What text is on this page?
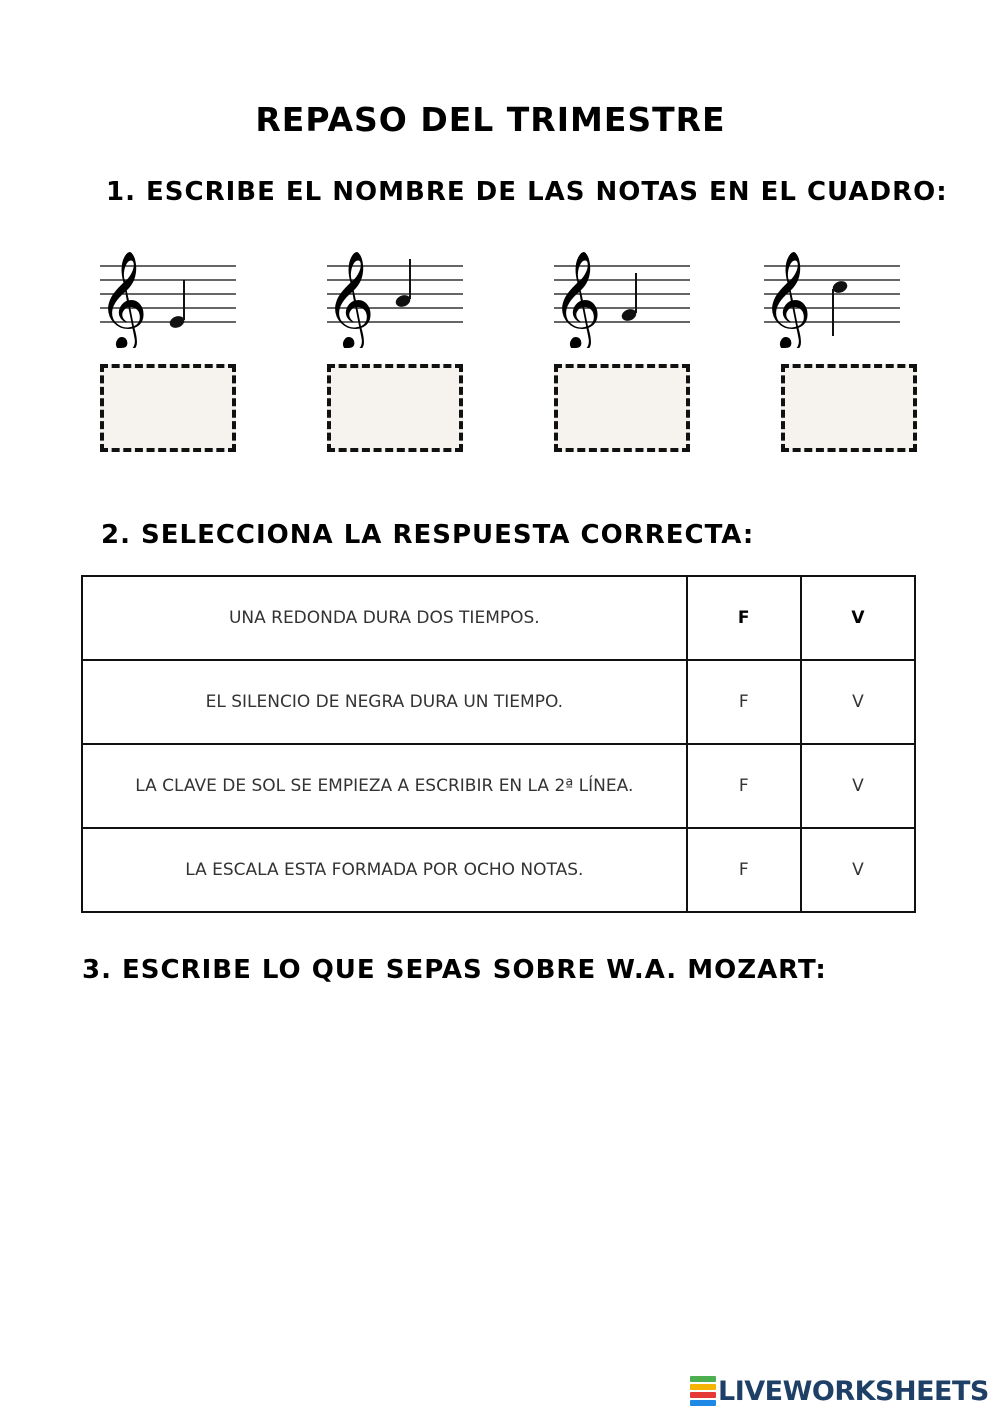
REPASO DEL TRIMESTRE
1. ESCRIBE EL NOMBRE DE LAS NOTAS EN EL CUADRO:
𝄞 𝄞 𝄞 𝄞
2. SELECCIONA LA RESPUESTA CORRECTA:
UNA REDONDA DURA DOS TIEMPOS.	F	V
EL SILENCIO DE NEGRA DURA UN TIEMPO.	F	V
LA CLAVE DE SOL SE EMPIEZA A ESCRIBIR EN LA 2ª LÍNEA.	F	V
LA ESCALA ESTA FORMADA POR OCHO NOTAS.	F	V
3. ESCRIBE LO QUE SEPAS SOBRE W.A. MOZART:
LIVEWORKSHEETS
